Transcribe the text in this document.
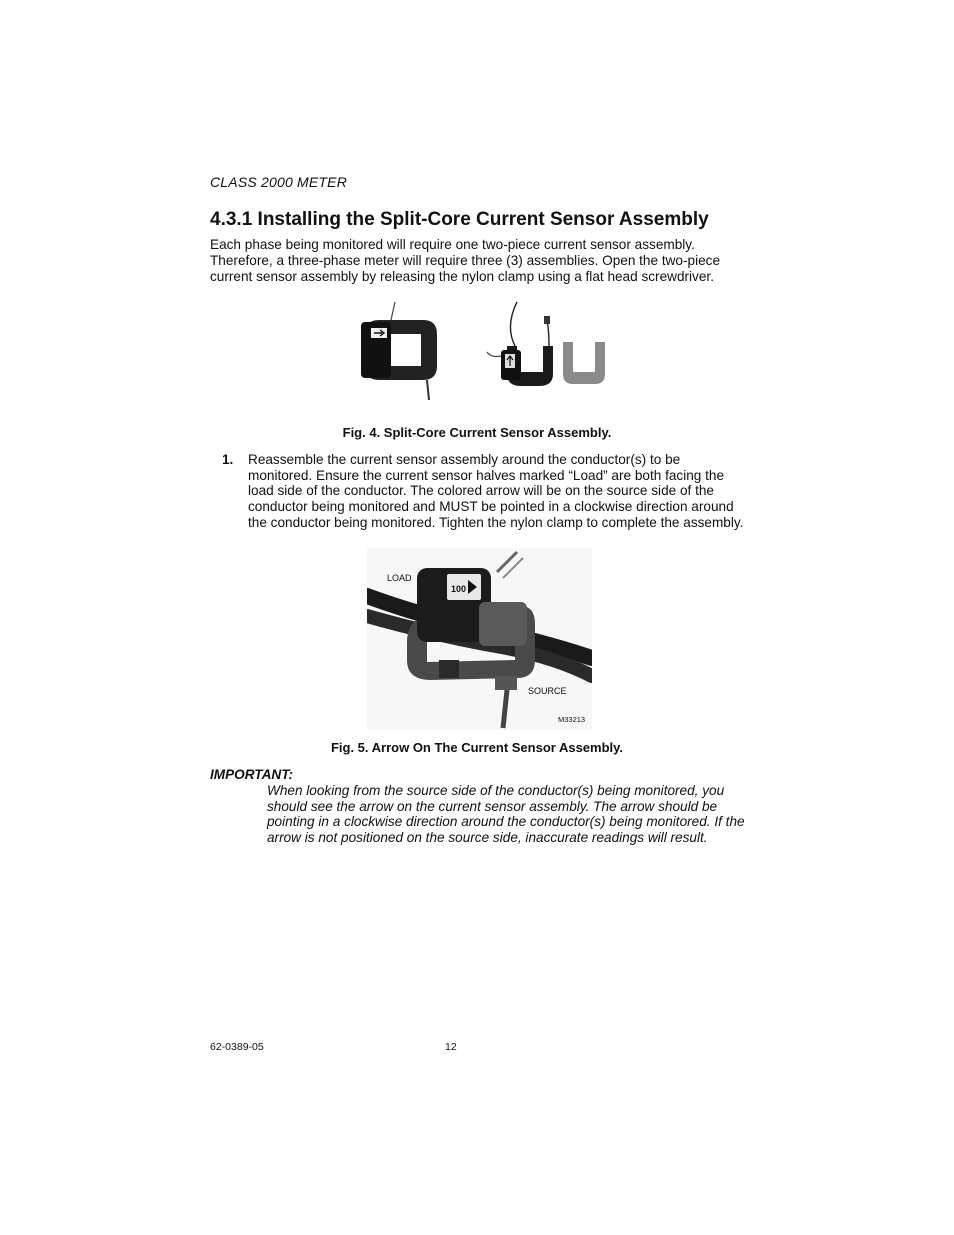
CLASS 2000 METER
4.3.1 Installing the Split-Core Current Sensor Assembly

Each phase being monitored will require one two-piece current sensor assembly. Therefore, a three-phase meter will require three (3) assemblies. Open the two-piece current sensor assembly by releasing the nylon clamp using a flat head screwdriver.

Fig. 4. Split-Core Current Sensor Assembly.
1. Reassemble the current sensor assembly around the conductor(s) to be monitored. Ensure the current sensor halves marked “Load” are both facing the load side of the conductor. The colored arrow will be on the source side of the conductor being monitored and MUST be pointed in a clockwise direction around the conductor being monitored. Tighten the nylon clamp to complete the assembly.

100
LOAD
SOURCE
M33213
Fig. 5. Arrow On The Current Sensor Assembly.
IMPORTANT:

When looking from the source side of the conductor(s) being monitored, you should see the arrow on the current sensor assembly. The arrow should be pointing in a clockwise direction around the conductor(s) being monitored. If the arrow is not positioned on the source side, inaccurate readings will result.

62-0389-05	12
